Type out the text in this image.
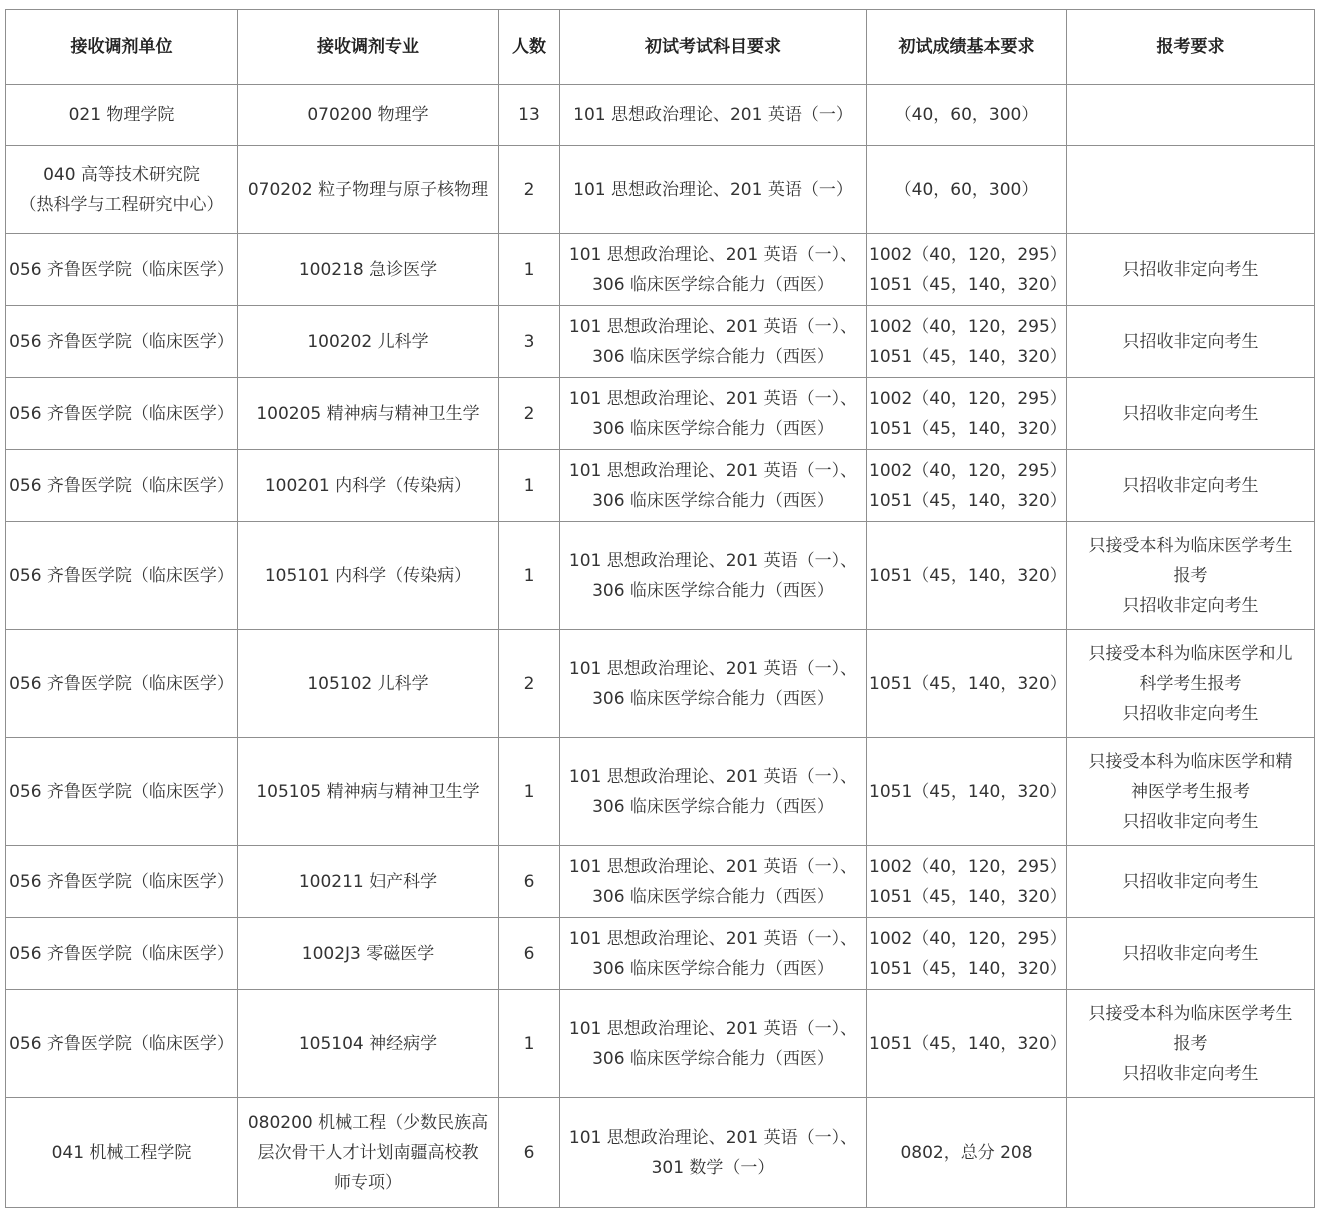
接收调剂单位	接收调剂专业	人数	初试考试科目要求	初试成绩基本要求	报考要求

021 物理学院	070200 物理学	13	101 思想政治理论、201 英语（一）	（40，60，300）	

040 高等技术研究院
（热科学与工程研究中心）	070202 粒子物理与原子核物理	2	101 思想政治理论、201 英语（一）	（40，60，300）	

056 齐鲁医学院（临床医学）	100218 急诊医学	1	101 思想政治理论、201 英语（一）、
306 临床医学综合能力（西医）	1002（40，120，295）
1051（45，140，320）	只招收非定向考生

056 齐鲁医学院（临床医学）	100202 儿科学	3	101 思想政治理论、201 英语（一）、
306 临床医学综合能力（西医）	1002（40，120，295）
1051（45，140，320）	只招收非定向考生

056 齐鲁医学院（临床医学）	100205 精神病与精神卫生学	2	101 思想政治理论、201 英语（一）、
306 临床医学综合能力（西医）	1002（40，120，295）
1051（45，140，320）	只招收非定向考生

056 齐鲁医学院（临床医学）	100201 内科学（传染病）	1	101 思想政治理论、201 英语（一）、
306 临床医学综合能力（西医）	1002（40，120，295）
1051（45，140，320）	只招收非定向考生

056 齐鲁医学院（临床医学）	105101 内科学（传染病）	1	101 思想政治理论、201 英语（一）、
306 临床医学综合能力（西医）	1051（45，140，320）	只接受本科为临床医学考生
报考
只招收非定向考生

056 齐鲁医学院（临床医学）	105102 儿科学	2	101 思想政治理论、201 英语（一）、
306 临床医学综合能力（西医）	1051（45，140，320）	只接受本科为临床医学和儿
科学考生报考
只招收非定向考生

056 齐鲁医学院（临床医学）	105105 精神病与精神卫生学	1	101 思想政治理论、201 英语（一）、
306 临床医学综合能力（西医）	1051（45，140，320）	只接受本科为临床医学和精
神医学考生报考
只招收非定向考生

056 齐鲁医学院（临床医学）	100211 妇产科学	6	101 思想政治理论、201 英语（一）、
306 临床医学综合能力（西医）	1002（40，120，295）
1051（45，140，320）	只招收非定向考生

056 齐鲁医学院（临床医学）	1002J3 零磁医学	6	101 思想政治理论、201 英语（一）、
306 临床医学综合能力（西医）	1002（40，120，295）
1051（45，140，320）	只招收非定向考生

056 齐鲁医学院（临床医学）	105104 神经病学	1	101 思想政治理论、201 英语（一）、
306 临床医学综合能力（西医）	1051（45，140，320）	只接受本科为临床医学考生
报考
只招收非定向考生

041 机械工程学院	080200 机械工程（少数民族高
层次骨干人才计划南疆高校教
师专项）	6	101 思想政治理论、201 英语（一）、
301 数学（一）	0802，总分 208	
